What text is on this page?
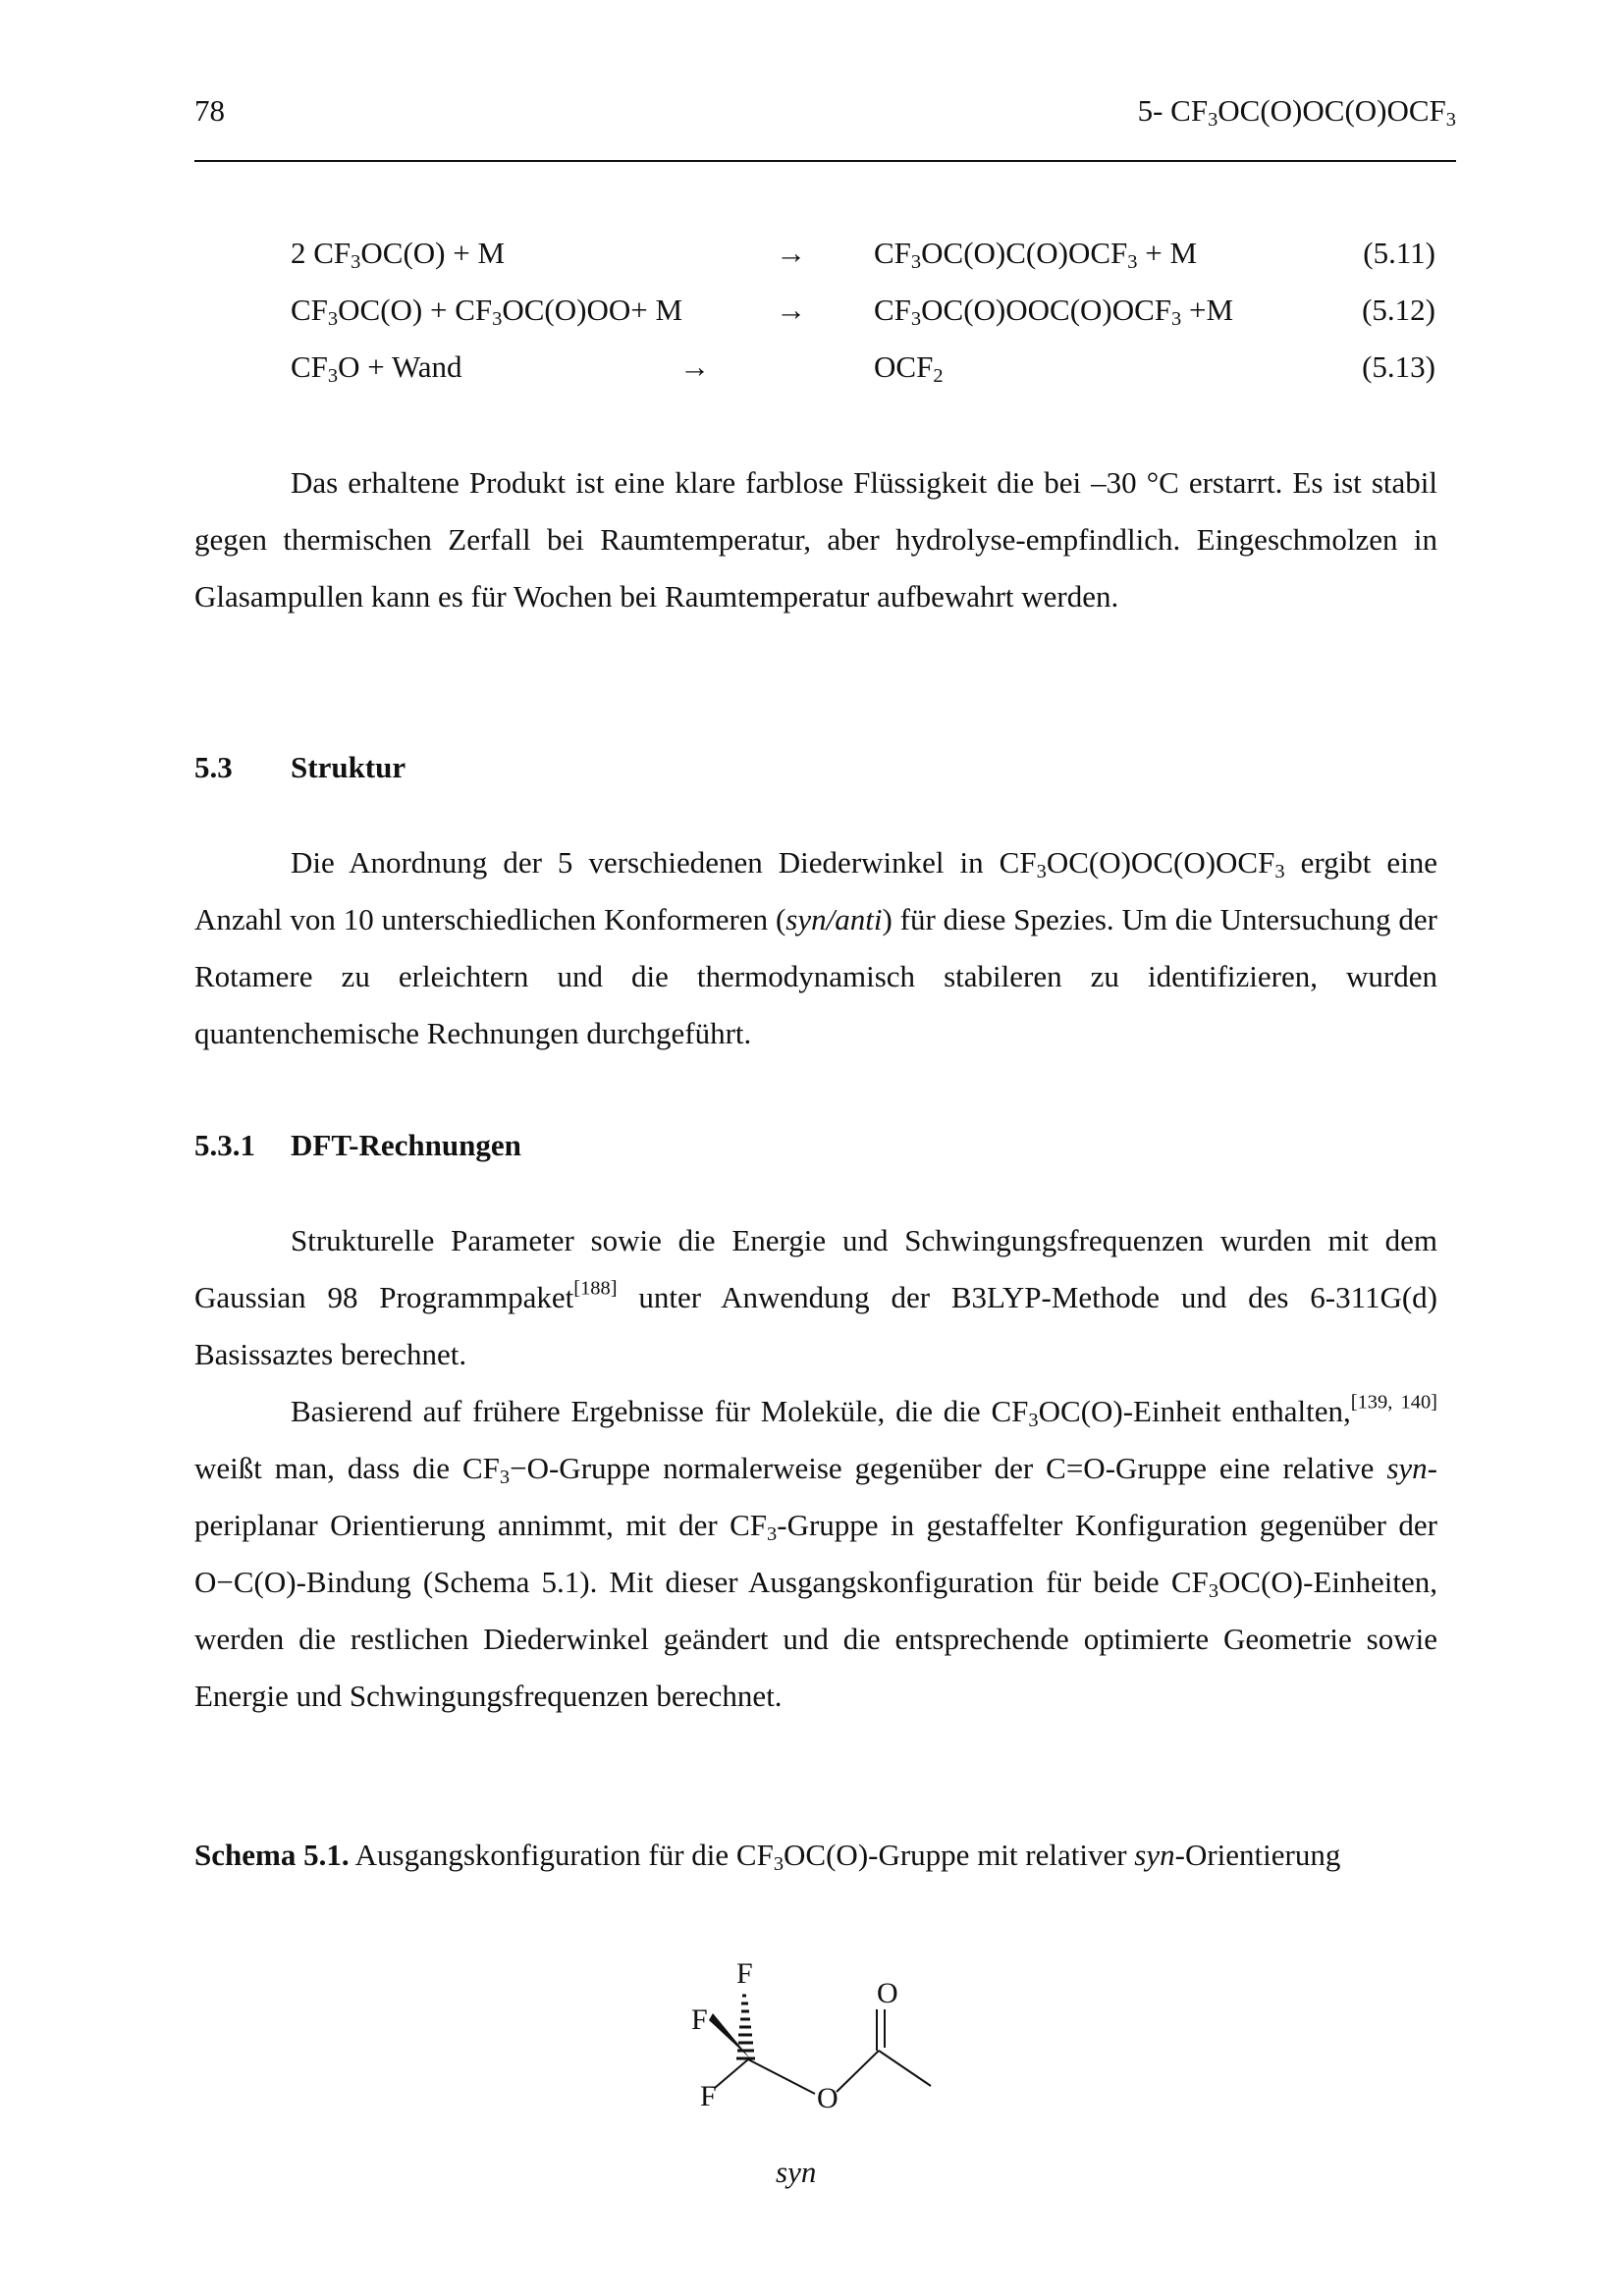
78	5- $CF_3OC(O)OC(O)OCF_3$
2 $CF_3OC(O) + M$	→ $CF_3OC(O)C(O)OCF_3 + M$	(5.11)
$CF_3OC(O) + CF_3OC(O)OO+ M$	→ $CF_3OC(O)OOC(O)OCF_3 +M$	(5.12)
$CF_3O$ + Wand	→	$OCF_2$	(5.13)

Das erhaltene Produkt ist eine klare farblose Flüssigkeit die bei –30 °C erstarrt. Es ist stabil gegen thermischen Zerfall bei Raumtemperatur, aber hydrolyse-empfindlich. Eingeschmolzen in Glasampullen kann es für Wochen bei Raumtemperatur aufbewahrt werden.

5.3 Struktur

Die Anordnung der 5 verschiedenen Diederwinkel in $CF_3OC(O)OC(O)OCF_3$ ergibt eine Anzahl von 10 unterschiedlichen Konformeren (syn/anti) für diese Spezies. Um die Untersuchung der Rotamere zu erleichtern und die thermodynamisch stabileren zu identifizieren, wurden quantenchemische Rechnungen durchgeführt.

5.3.1 DFT-Rechnungen

Strukturelle Parameter sowie die Energie und Schwingungsfrequenzen wurden mit dem Gaussian 98 Programmpaket[188] unter Anwendung der B3LYP-Methode und des 6-311G(d) Basissaztes berechnet.

Basierend auf frühere Ergebnisse für Moleküle, die die $CF_3OC(O)$-Einheit enthalten,[139, 140] weißt man, dass die $CF_3-O$-Gruppe normalerweise gegenüber der C=O-Gruppe eine relative syn-periplanar Orientierung annimmt, mit der $CF_3$-Gruppe in gestaffelter Konfiguration gegenüber der O−C(O)-Bindung (Schema 5.1). Mit dieser Ausgangskonfiguration für beide $CF_3OC(O)$-Einheiten, werden die restlichen Diederwinkel geändert und die entsprechende optimierte Geometrie sowie Energie und Schwingungsfrequenzen berechnet.

Schema 5.1. Ausgangskonfiguration für die $CF_3OC(O)$-Gruppe mit relativer syn-Orientierung
F
F
F	O
O
syn
